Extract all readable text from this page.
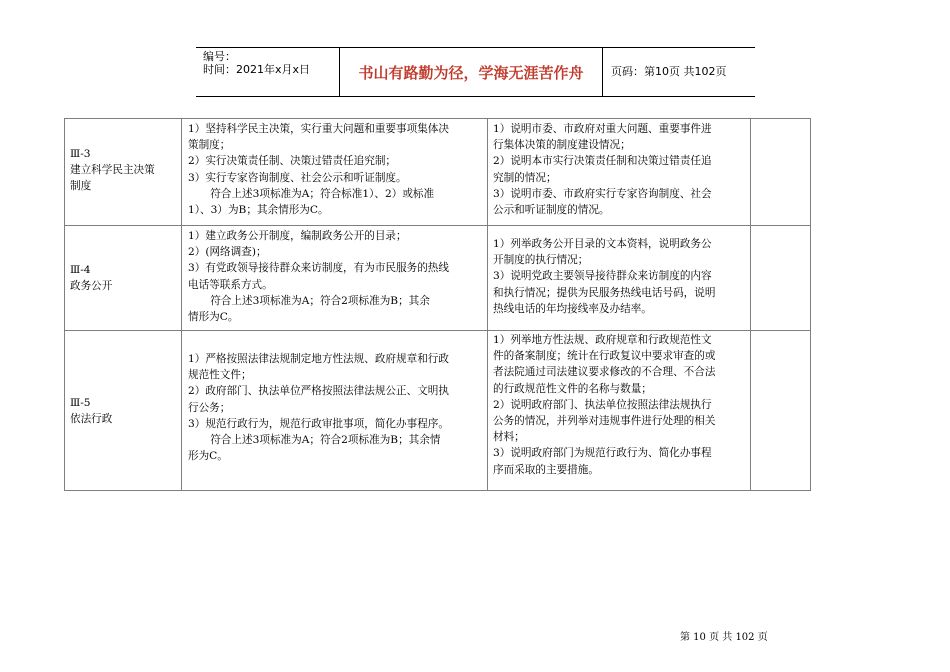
编号：
时间：2021年x月x日	书山有路勤为径，学海无涯苦作舟	页码：第10页 共102页

Ⅲ-3

建立科学民主决策

制度

1）坚持科学民主决策，实行重大问题和重要事项集体决

策制度；

2）实行决策责任制、决策过错责任追究制；

3）实行专家咨询制度、社会公示和听证制度。

符合上述3项标准为A；符合标准1）、2）或标准

1）、3）为B；其余情形为C。

1）说明市委、市政府对重大问题、重要事件进

行集体决策的制度建设情况；

2）说明本市实行决策责任制和决策过错责任追

究制的情况；

3）说明市委、市政府实行专家咨询制度、社会

公示和听证制度的情况。

Ⅲ-4

政务公开

1）建立政务公开制度，编制政务公开的目录；

2）(网络调查)；

3）有党政领导接待群众来访制度，有为市民服务的热线

电话等联系方式。

符合上述3项标准为A；符合2项标准为B；其余

情形为C。

1）列举政务公开目录的文本资料，说明政务公

开制度的执行情况；

3）说明党政主要领导接待群众来访制度的内容

和执行情况；提供为民服务热线电话号码，说明

热线电话的年均接线率及办结率。

Ⅲ-5

依法行政

1）严格按照法律法规制定地方性法规、政府规章和行政

规范性文件；

2）政府部门、执法单位严格按照法律法规公正、文明执

行公务；

3）规范行政行为，规范行政审批事项，简化办事程序。

符合上述3项标准为A；符合2项标准为B；其余情

形为C。

1）列举地方性法规、政府规章和行政规范性文

件的备案制度；统计在行政复议中要求审查的或

者法院通过司法建议要求修改的不合理、不合法

的行政规范性文件的名称与数量；

2）说明政府部门、执法单位按照法律法规执行

公务的情况，并列举对违规事件进行处理的相关

材料；

3）说明政府部门为规范行政行为、简化办事程

序而采取的主要措施。

第 10 页 共 102 页
